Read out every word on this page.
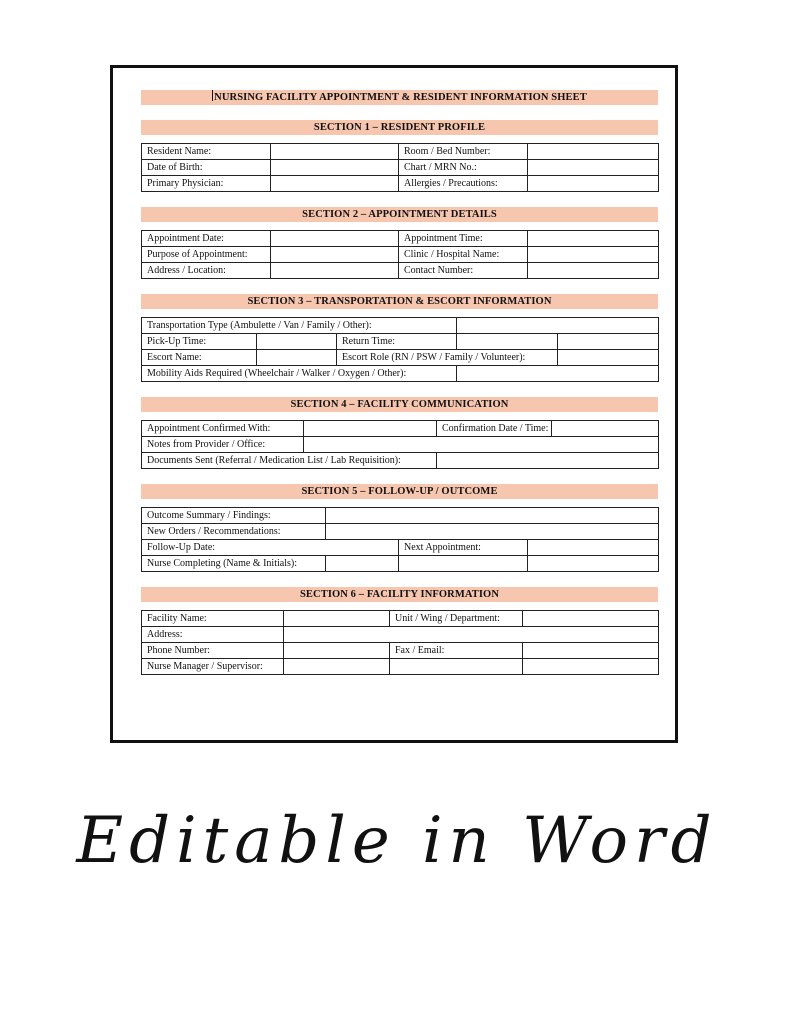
NURSING FACILITY APPOINTMENT & RESIDENT INFORMATION SHEET
SECTION 1 – RESIDENT PROFILE
Resident Name:		Room / Bed Number:	
Date of Birth:		Chart / MRN No.:	
Primary Physician:		Allergies / Precautions:	
SECTION 2 – APPOINTMENT DETAILS
Appointment Date:		Appointment Time:	
Purpose of Appointment:		Clinic / Hospital Name:	
Address / Location:		Contact Number:	
SECTION 3 – TRANSPORTATION & ESCORT INFORMATION
Transportation Type (Ambulette / Van / Family / Other):				
Pick-Up Time:		Return Time:		
Escort Name:		Escort Role (RN / PSW / Family / Volunteer):		
Mobility Aids Required (Wheelchair / Walker / Oxygen / Other):				
SECTION 4 – FACILITY COMMUNICATION
Appointment Confirmed With:		Confirmation Date / Time:	
Notes from Provider / Office:			
Documents Sent (Referral / Medication List / Lab Requisition):			
SECTION 5 – FOLLOW-UP / OUTCOME
Outcome Summary / Findings:			
New Orders / Recommendations:			
Follow-Up Date:		Next Appointment:	
Nurse Completing (Name & Initials):			
SECTION 6 – FACILITY INFORMATION
Facility Name:		Unit / Wing / Department:	
Address:			
Phone Number:		Fax / Email:	
Nurse Manager / Supervisor:			
Editable in Word
